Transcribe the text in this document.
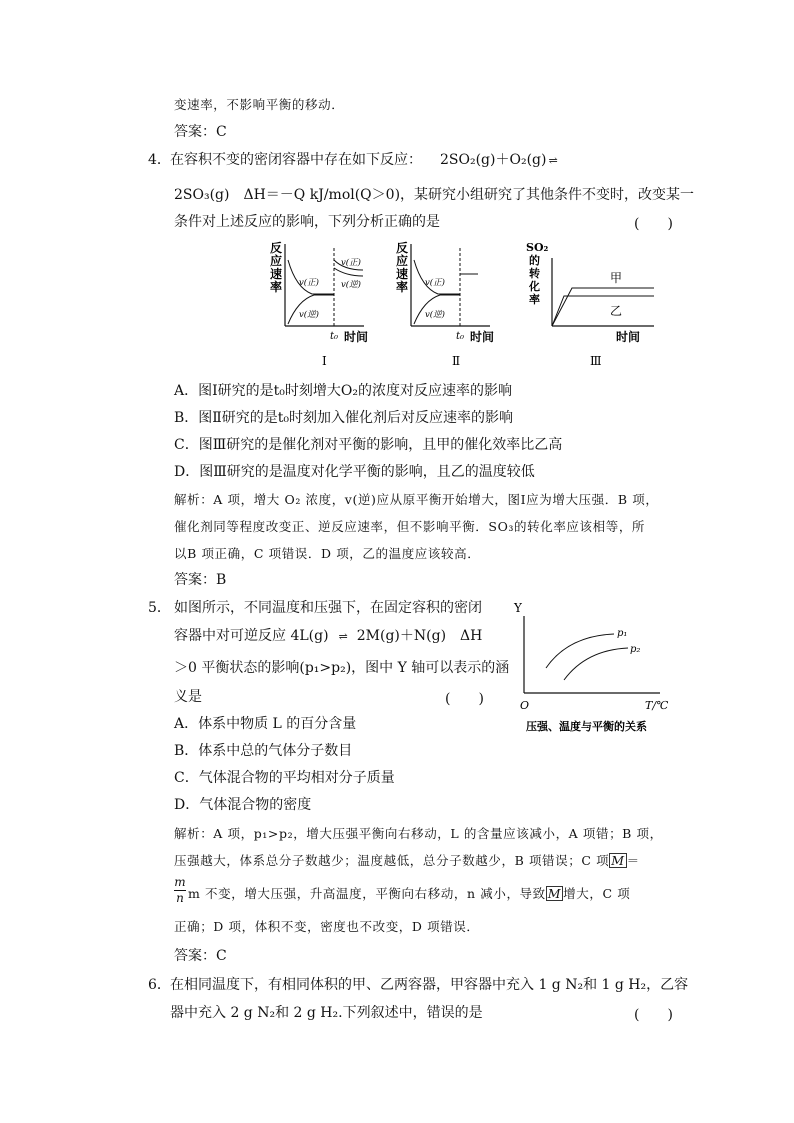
变速率，不影响平衡的移动．
答案：C
4． 在容积不变的密闭容器中存在如下反应： 2SO₂(g)＋O₂(g) ⇌
2SO₃(g) ΔH＝－Q kJ/mol(Q＞0)，某研究小组研究了其他条件不变时，改变某一
条件对上述反应的影响，下列分析正确的是	(　　)
反
应
速
率
v(正)
v(逆)
v(正)
v(逆)
t₀ 时间
Ⅰ
反
应
速
率 v(正)
v(逆)
t₀ 时间
Ⅱ
SO₂
的
转
化
率
甲
乙
时间
Ⅲ
A．图Ⅰ研究的是t₀时刻增大O₂的浓度对反应速率的影响
B．图Ⅱ研究的是t₀时刻加入催化剂后对反应速率的影响
C．图Ⅲ研究的是催化剂对平衡的影响，且甲的催化效率比乙高
D．图Ⅲ研究的是温度对化学平衡的影响，且乙的温度较低
解析：A 项，增大 O₂ 浓度，v(逆)应从原平衡开始增大，图Ⅰ应为增大压强．B 项，
催化剂同等程度改变正、逆反应速率，但不影响平衡．SO₃的转化率应该相等，所
以B 项正确，C 项错误．D 项，乙的温度应该较高．
答案：B
5． 如图所示，不同温度和压强下，在固定容积的密闭
容器中对可逆反应 4L(g) ⇌ 2M(g)＋N(g)　ΔH
＞0 平衡状态的影响(p₁>p₂)，图中 Y 轴可以表示的涵
义是	(　　)
Y
p₁
p₂
O	T/℃
压强、温度与平衡的关系
A．体系中物质 L 的百分含量
B．体系中总的气体分子数目
C．气体混合物的平均相对分子质量
D．气体混合物的密度
解析：A 项，p₁>p₂，增大压强平衡向右移动，L 的含量应该减小，A 项错；B 项，
压强越大，体系总分子数越少；温度越低，总分子数越少，B 项错误；C 项 M ＝
m
n m 不变，增大压强，升高温度，平衡向右移动，n 减小，导致 M 增大，C 项
正确；D 项，体积不变，密度也不改变，D 项错误．
答案：C
6． 在相同温度下，有相同体积的甲、乙两容器，甲容器中充入 1 g N₂和 1 g H₂，乙容
器中充入 2 g N₂和 2 g H₂.下列叙述中，错误的是	(　　)
